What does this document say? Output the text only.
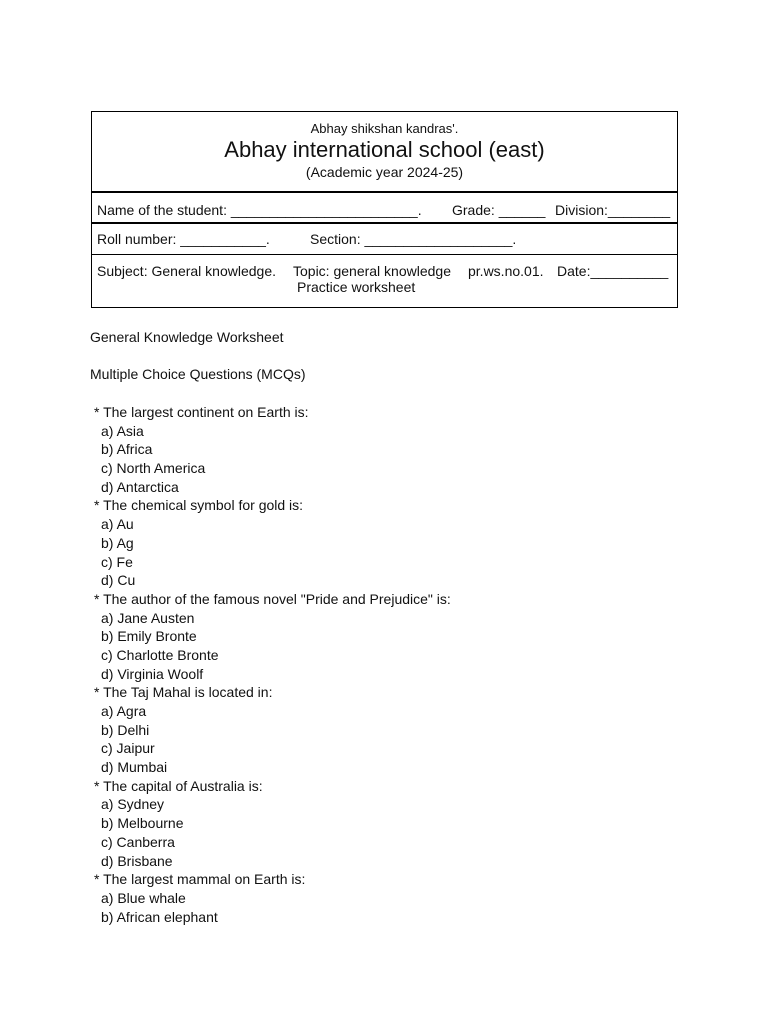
Abhay shikshan kandras'.
Abhay international school (east)
(Academic year 2024-25)
Name of the student: ________________________. Grade: ______ Division:________
Roll number: ___________.	Section: ___________________.
Subject: General knowledge. Topic: general knowledge
Practice worksheet
pr.ws.no.01. Date:__________
General Knowledge Worksheet
Multiple Choice Questions (MCQs)
* The largest continent on Earth is:
a) Asia
b) Africa
c) North America
d) Antarctica
* The chemical symbol for gold is:
a) Au
b) Ag
c) Fe
d) Cu
* The author of the famous novel "Pride and Prejudice" is:
a) Jane Austen
b) Emily Bronte
c) Charlotte Bronte
d) Virginia Woolf
* The Taj Mahal is located in:
a) Agra
b) Delhi
c) Jaipur
d) Mumbai
* The capital of Australia is:
a) Sydney
b) Melbourne
c) Canberra
d) Brisbane
* The largest mammal on Earth is:
a) Blue whale
b) African elephant
